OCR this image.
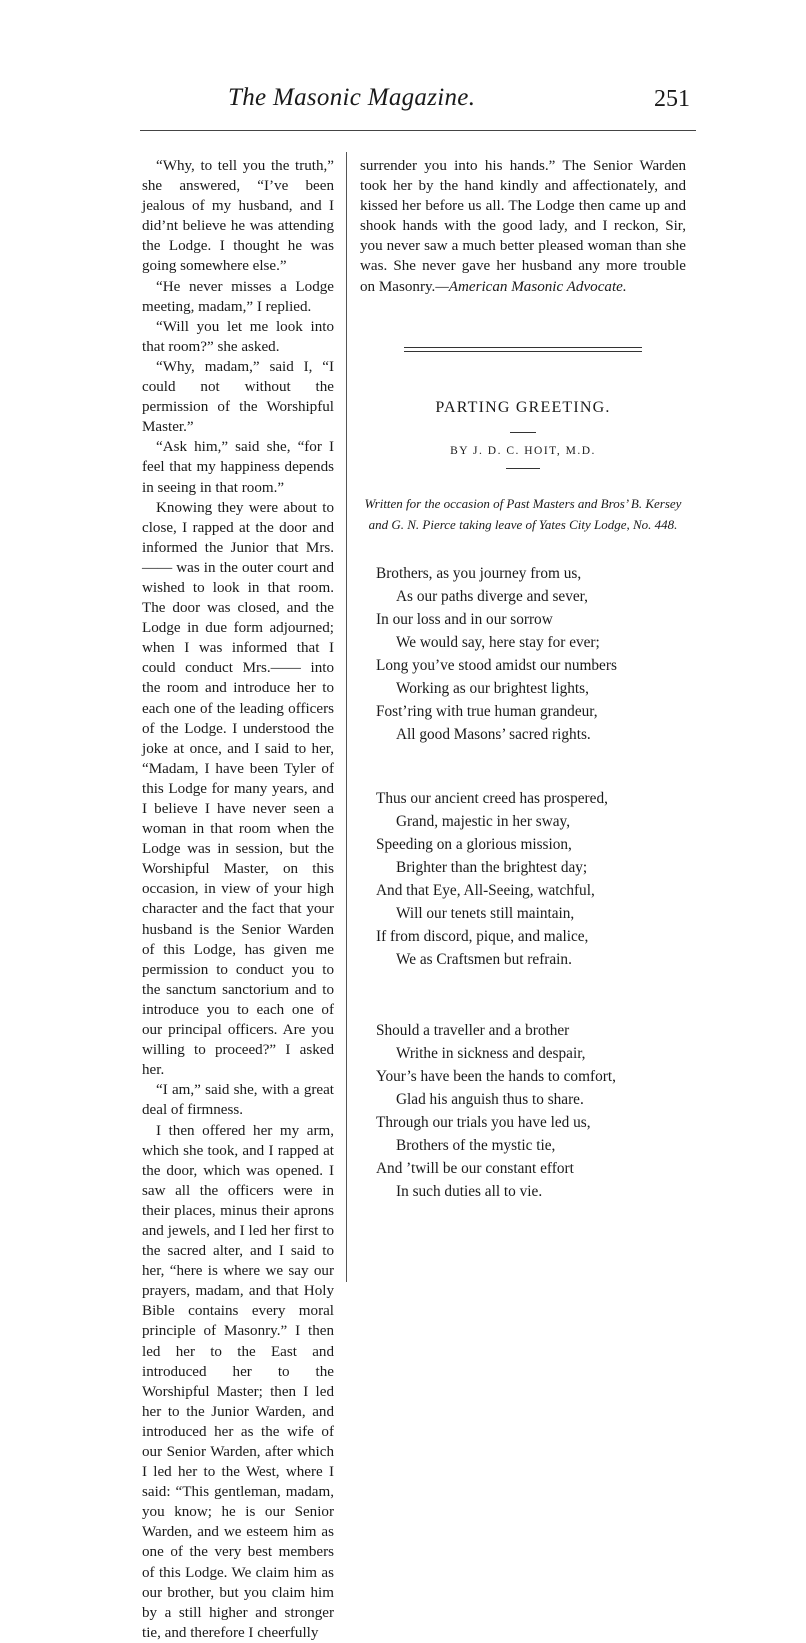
The Masonic Magazine.	251

“Why, to tell you the truth,” she answered, “I’ve been jealous of my husband, and I did’nt believe he was attending the Lodge. I thought he was going somewhere else.”

“He never misses a Lodge meeting, madam,” I replied.

“Will you let me look into that room?” she asked.

“Why, madam,” said I, “I could not without the permission of the Worshipful Master.”

“Ask him,” said she, “for I feel that my happiness depends in seeing in that room.”

Knowing they were about to close, I rapped at the door and informed the Junior that Mrs.—— was in the outer court and wished to look in that room. The door was closed, and the Lodge in due form adjourned; when I was informed that I could conduct Mrs.—— into the room and introduce her to each one of the leading officers of the Lodge. I understood the joke at once, and I said to her, “Madam, I have been Tyler of this Lodge for many years, and I believe I have never seen a woman in that room when the Lodge was in session, but the Worshipful Master, on this occasion, in view of your high character and the fact that your husband is the Senior Warden of this Lodge, has given me permission to conduct you to the sanctum sanctorium and to introduce you to each one of our principal officers. Are you willing to proceed?” I asked her.

“I am,” said she, with a great deal of firmness.

I then offered her my arm, which she took, and I rapped at the door, which was opened. I saw all the officers were in their places, minus their aprons and jewels, and I led her first to the sacred alter, and I said to her, “here is where we say our prayers, madam, and that Holy Bible contains every moral principle of Masonry.” I then led her to the East and introduced her to the Worshipful Master; then I led her to the Junior Warden, and introduced her as the wife of our Senior Warden, after which I led her to the West, where I said: “This gentleman, madam, you know; he is our Senior Warden, and we esteem him as one of the very best members of this Lodge. We claim him as our brother, but you claim him by a still higher and stronger tie, and therefore I cheerfully

surrender you into his hands.” The Senior Warden took her by the hand kindly and affectionately, and kissed her before us all. The Lodge then came up and shook hands with the good lady, and I reckon, Sir, you never saw a much better pleased woman than she was. She never gave her husband any more trouble on Masonry.—American Masonic Advocate.

PARTING GREETING.
BY J. D. C. HOIT, M.D.
Written for the occasion of Past Masters and Bros’ B. Kersey and G. N. Pierce taking leave of Yates City Lodge, No. 448.
Brothers, as you journey from us,
As our paths diverge and sever,
In our loss and in our sorrow
We would say, here stay for ever;
Long you’ve stood amidst our numbers
Working as our brightest lights,
Fost’ring with true human grandeur,
All good Masons’ sacred rights.
Thus our ancient creed has prospered,
Grand, majestic in her sway,
Speeding on a glorious mission,
Brighter than the brightest day;
And that Eye, All-Seeing, watchful,
Will our tenets still maintain,
If from discord, pique, and malice,
We as Craftsmen but refrain.
Should a traveller and a brother
Writhe in sickness and despair,
Your’s have been the hands to comfort,
Glad his anguish thus to share.
Through our trials you have led us,
Brothers of the mystic tie,
And ’twill be our constant effort
In such duties all to vie.
